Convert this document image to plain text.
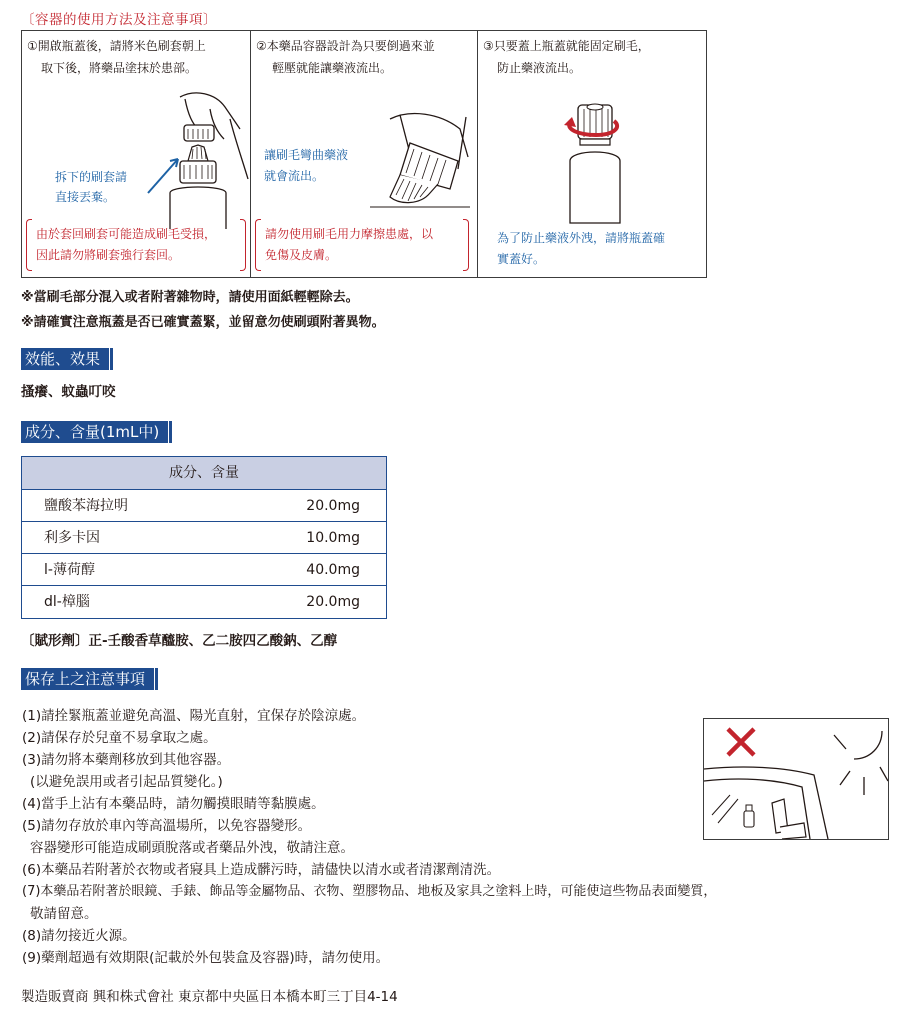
〔容器的使用方法及注意事項〕
①開啟瓶蓋後，請將米色刷套朝上
取下後，將藥品塗抹於患部。
拆下的刷套請
直接丟棄。
由於套回刷套可能造成刷毛受損，
因此請勿將刷套強行套回。
②本藥品容器設計為只要倒過來並
輕壓就能讓藥液流出。
讓刷毛彎曲藥液
就會流出。
請勿使用刷毛用力摩擦患處，以
免傷及皮膚。
③只要蓋上瓶蓋就能固定刷毛，
防止藥液流出。
為了防止藥液外洩，請將瓶蓋確
實蓋好。
※當刷毛部分混入或者附著雜物時，請使用面紙輕輕除去。
※請確實注意瓶蓋是否已確實蓋緊，並留意勿使刷頭附著異物。
效能、效果
搔癢、蚊蟲叮咬
成分、含量(1mL中)
成分、含量
鹽酸苯海拉明	20.0mg
利多卡因	10.0mg
l-薄荷醇	40.0mg
dl-樟腦	20.0mg
〔賦形劑〕正-壬酸香草醯胺、乙二胺四乙酸鈉、乙醇
保存上之注意事項
(1)請拴緊瓶蓋並避免高溫、陽光直射，宜保存於陰涼處。
(2)請保存於兒童不易拿取之處。
(3)請勿將本藥劑移放到其他容器。
(以避免誤用或者引起品質變化。)
(4)當手上沾有本藥品時，請勿觸摸眼睛等黏膜處。
(5)請勿存放於車內等高溫場所，以免容器變形。
容器變形可能造成刷頭脫落或者藥品外洩，敬請注意。
(6)本藥品若附著於衣物或者寢具上造成髒污時，請儘快以清水或者清潔劑清洗。
(7)本藥品若附著於眼鏡、手錶、飾品等金屬物品、衣物、塑膠物品、地板及家具之塗料上時，可能使這些物品表面變質，
敬請留意。
(8)請勿接近火源。
(9)藥劑超過有效期限(記載於外包裝盒及容器)時，請勿使用。
製造販賣商 興和株式會社 東京都中央區日本橋本町三丁目4-14
